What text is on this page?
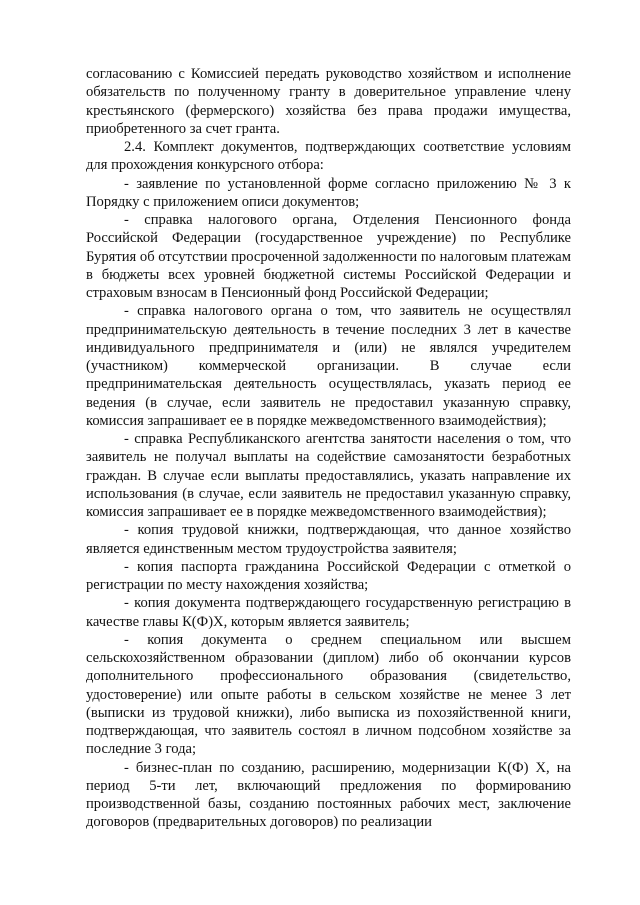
согласованию с Комиссией передать руководство хозяйством и исполнение обязательств по полученному гранту в доверительное управление члену крестьянского (фермерского) хозяйства без права продажи имущества, приобретенного за счет гранта.

2.4. Комплект документов, подтверждающих соответствие условиям для прохождения конкурсного отбора:

- заявление по установленной форме согласно приложению № 3 к Порядку с приложением описи документов;

- справка налогового органа, Отделения Пенсионного фонда Российской Федерации (государственное учреждение) по Республике Бурятия об отсутствии просроченной задолженности по налоговым платежам в бюджеты всех уровней бюджетной системы Российской Федерации и страховым взносам в Пенсионный фонд Российской Федерации;

- справка налогового органа о том, что заявитель не осуществлял предпринимательскую деятельность в течение последних 3 лет в качестве индивидуального предпринимателя и (или) не являлся учредителем (участником) коммерческой организации. В случае если предпринимательская деятельность осуществлялась, указать период ее ведения (в случае, если заявитель не предоставил указанную справку, комиссия запрашивает ее в порядке межведомственного взаимодействия);

- справка Республиканского агентства занятости населения о том, что заявитель не получал выплаты на содействие самозанятости безработных граждан. В случае если выплаты предоставлялись, указать направление их использования (в случае, если заявитель не предоставил указанную справку, комиссия запрашивает ее в порядке межведомственного взаимодействия);

- копия трудовой книжки, подтверждающая, что данное хозяйство является единственным местом трудоустройства заявителя;

- копия паспорта гражданина Российской Федерации с отметкой о регистрации по месту нахождения хозяйства;

- копия документа подтверждающего государственную регистрацию в качестве главы К(Ф)Х, которым является заявитель;

- копия документа о среднем специальном или высшем сельскохозяйственном образовании (диплом) либо об окончании курсов дополнительного профессионального образования (свидетельство, удостоверение) или опыте работы в сельском хозяйстве не менее 3 лет (выписки из трудовой книжки), либо выписка из похозяйственной книги, подтверждающая, что заявитель состоял в личном подсобном хозяйстве за последние 3 года;

- бизнес-план по созданию, расширению, модернизации К(Ф) Х, на период 5-ти лет, включающий предложения по формированию производственной базы, созданию постоянных рабочих мест, заключение договоров (предварительных договоров) по реализации
